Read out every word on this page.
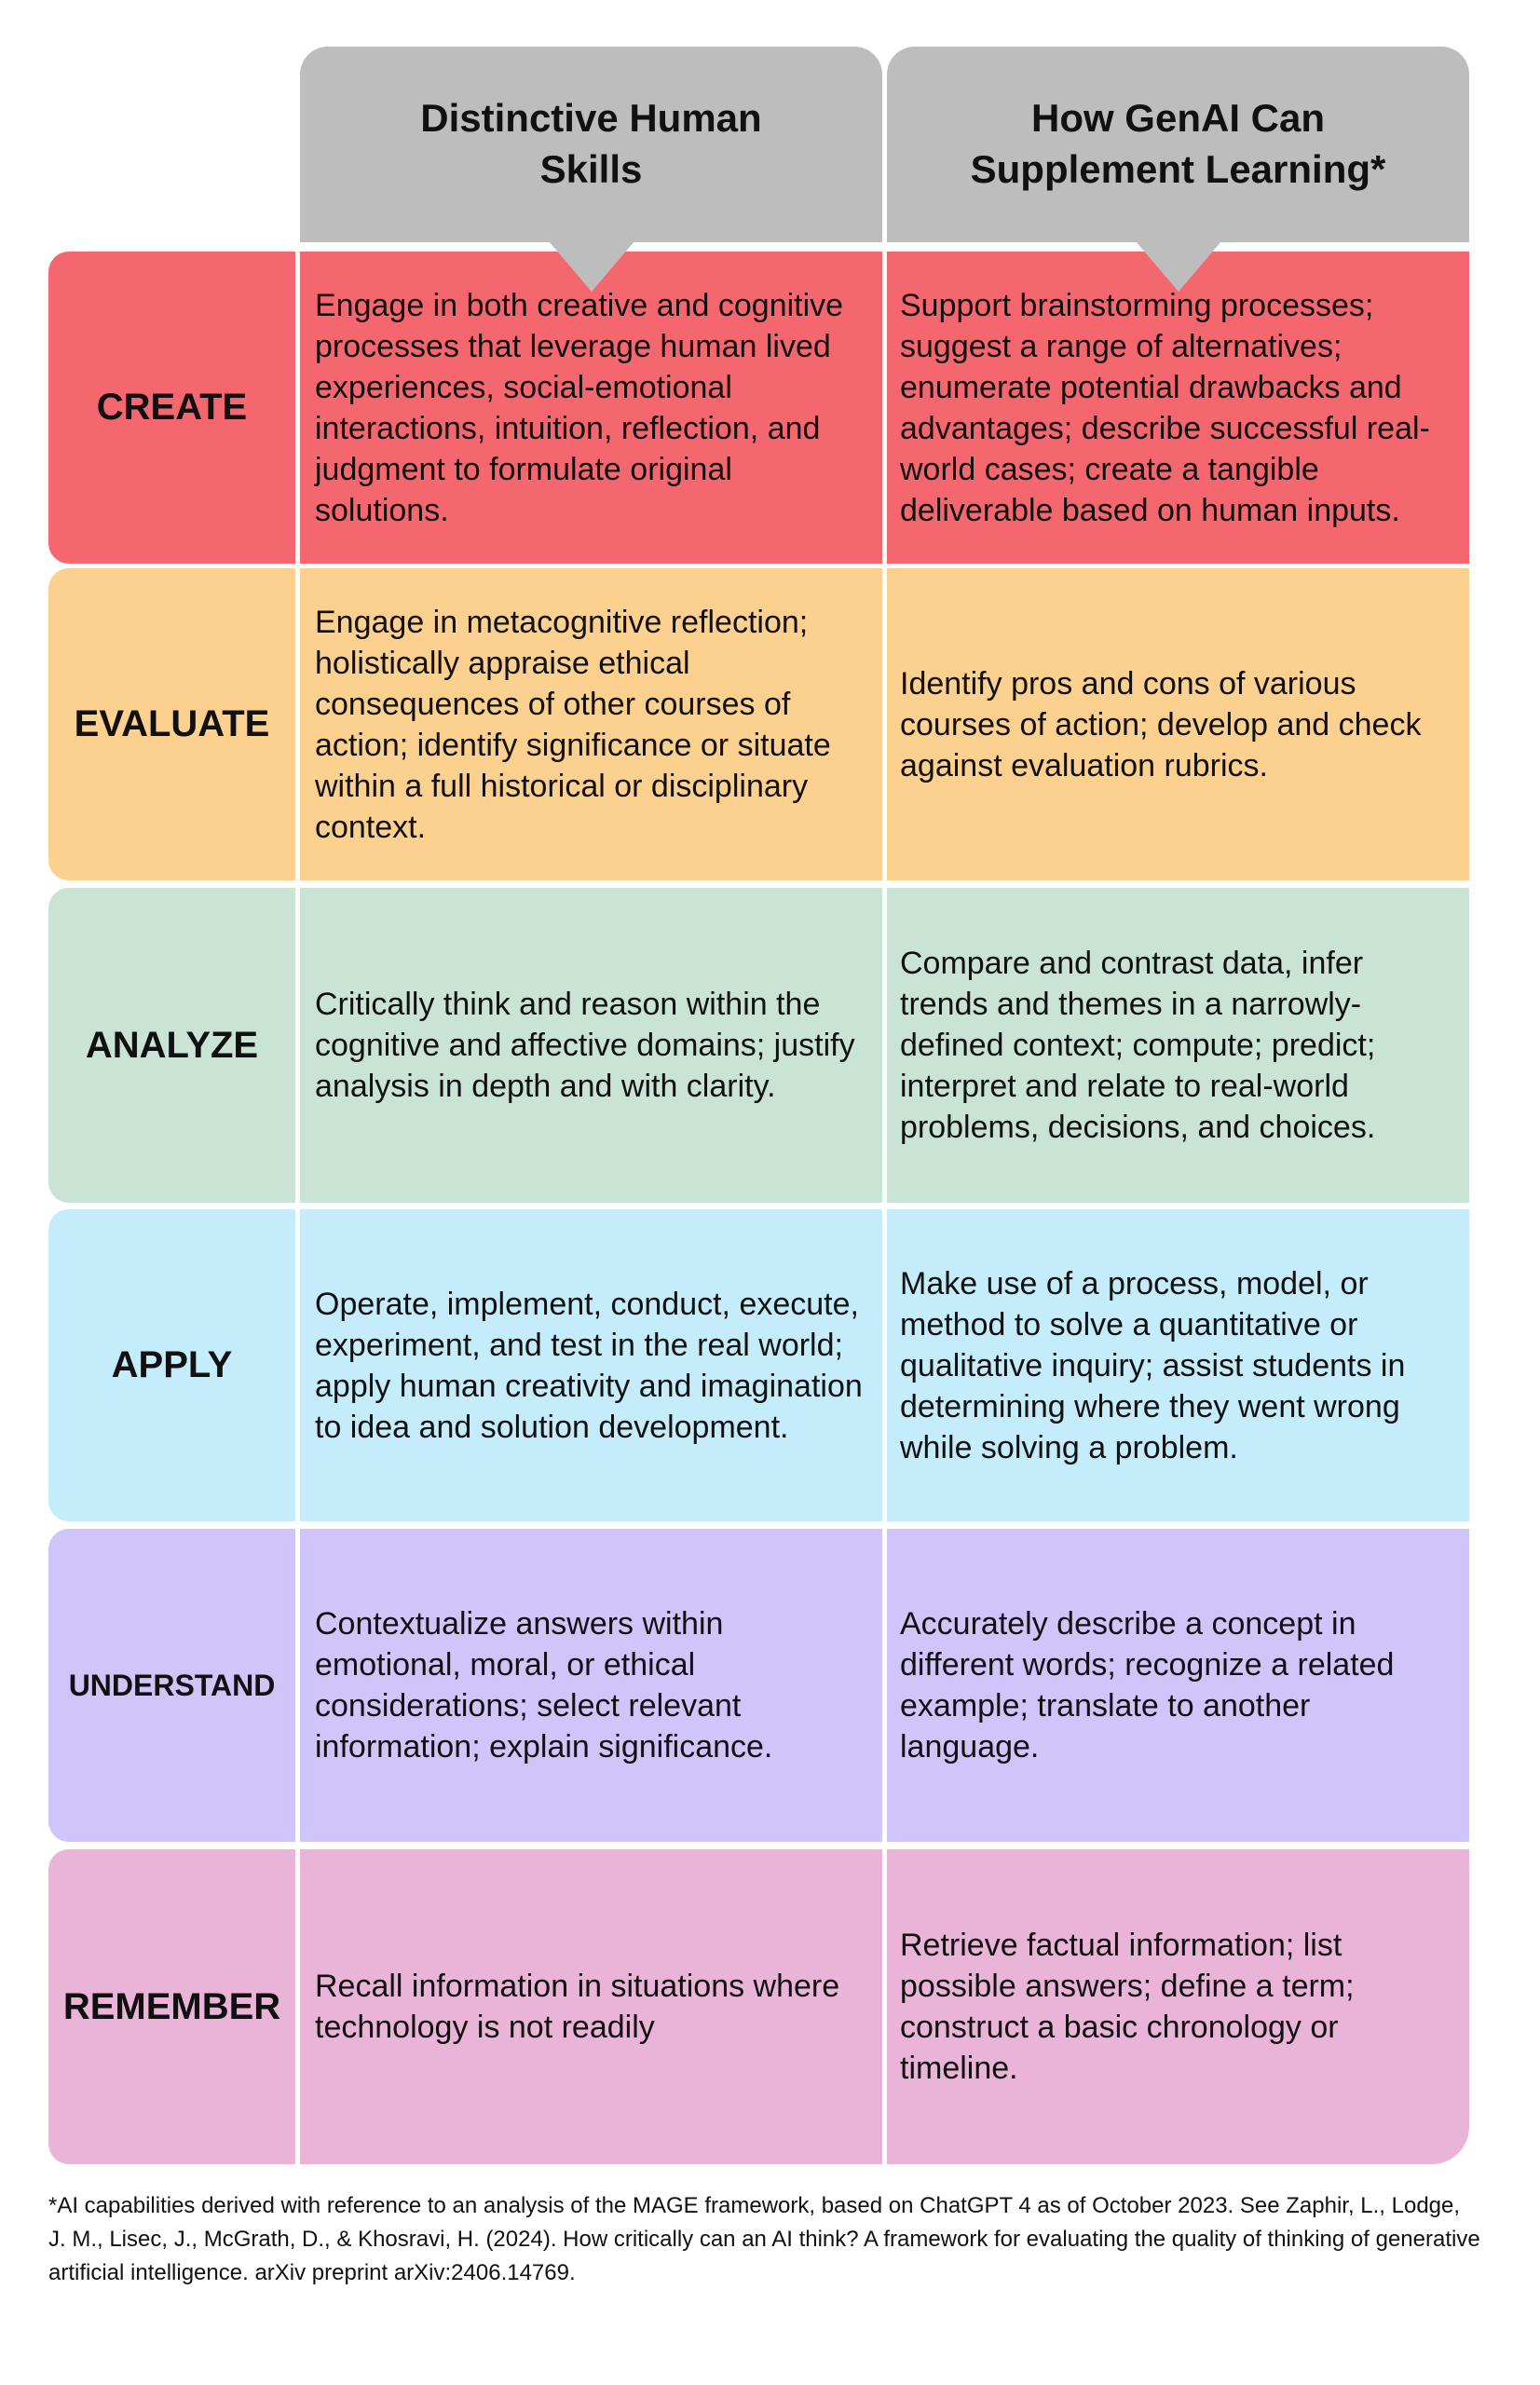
Distinctive Human Skills
How GenAI Can Supplement Learning*
CREATE
Engage in both creative and cognitive processes that leverage human lived experiences, social-emotional interactions, intuition, reflection, and judgment to formulate original solutions.
Support brainstorming processes; suggest a range of alternatives; enumerate potential drawbacks and advantages; describe successful real-world cases; create a tangible deliverable based on human inputs.
EVALUATE
Engage in metacognitive reflection; holistically appraise ethical consequences of other courses of action; identify significance or situate within a full historical or disciplinary context.
Identify pros and cons of various courses of action; develop and check against evaluation rubrics.
ANALYZE
Critically think and reason within the cognitive and affective domains; justify analysis in depth and with clarity.
Compare and contrast data, infer trends and themes in a narrowly-defined context; compute; predict; interpret and relate to real-world problems, decisions, and choices.
APPLY
Operate, implement, conduct, execute, experiment, and test in the real world; apply human creativity and imagination to idea and solution development.
Make use of a process, model, or method to solve a quantitative or qualitative inquiry; assist students in determining where they went wrong while solving a problem.
UNDERSTAND
Contextualize answers within emotional, moral, or ethical considerations; select relevant information; explain significance.
Accurately describe a concept in different words; recognize a related example; translate to another language.
REMEMBER	Recall information in situations where technology is not readily
Retrieve factual information; list possible answers; define a term; construct a basic chronology or timeline.
*AI capabilities derived with reference to an analysis of the MAGE framework, based on ChatGPT 4 as of October 2023. See Zaphir, L., Lodge, J. M., Lisec, J., McGrath, D., & Khosravi, H. (2024). How critically can an AI think? A framework for evaluating the quality of thinking of generative artificial intelligence. arXiv preprint arXiv:2406.14769.
